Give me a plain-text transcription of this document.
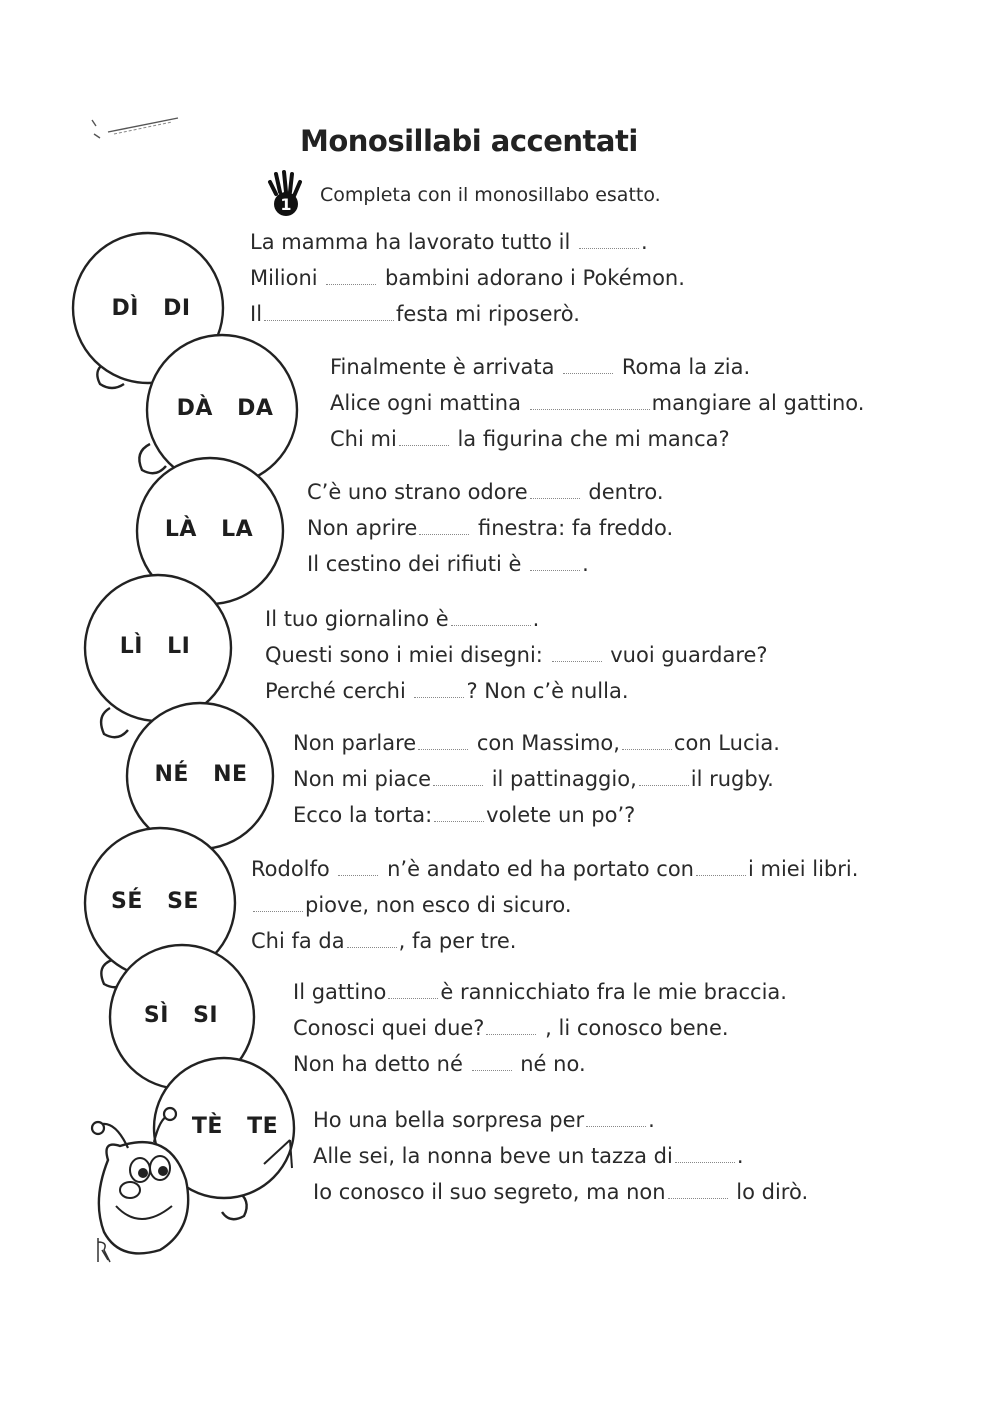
Monosillabi accentati
1 Completa con il monosillabo esatto.
DÌ DI
DÀ DA
LÀ LA
LÌ LI
NÉ NE
SÉ SE
SÌ SI
TÈ TE
La mamma ha lavorato tutto il	.
Milioni	bambini adorano i Pokémon.
Il	festa mi riposerò.
Finalmente è arrivata	Roma la zia.
Alice ogni mattina	mangiare al gattino.
Chi mi	la figurina che mi manca?
C’è uno strano odore	dentro.
Non aprire	finestra: fa freddo.
Il cestino dei rifiuti è	.
Il tuo giornalino è	.
Questi sono i miei disegni:	vuoi guardare?
Perché cerchi	? Non c’è nulla.
Non parlare	con Massimo,	con Lucia.
Non mi piace	il pattinaggio,	il rugby.
Ecco la torta:	volete un po’?
Rodolfo	n’è andato ed ha portato con	i miei libri.
piove, non esco di sicuro.
Chi fa da	, fa per tre.
Il gattino	è rannicchiato fra le mie braccia.
Conosci quei due?	, li conosco bene.
Non ha detto né	né no.
Ho una bella sorpresa per	.
Alle sei, la nonna beve un tazza di	.
Io conosco il suo segreto, ma non	lo dirò.
